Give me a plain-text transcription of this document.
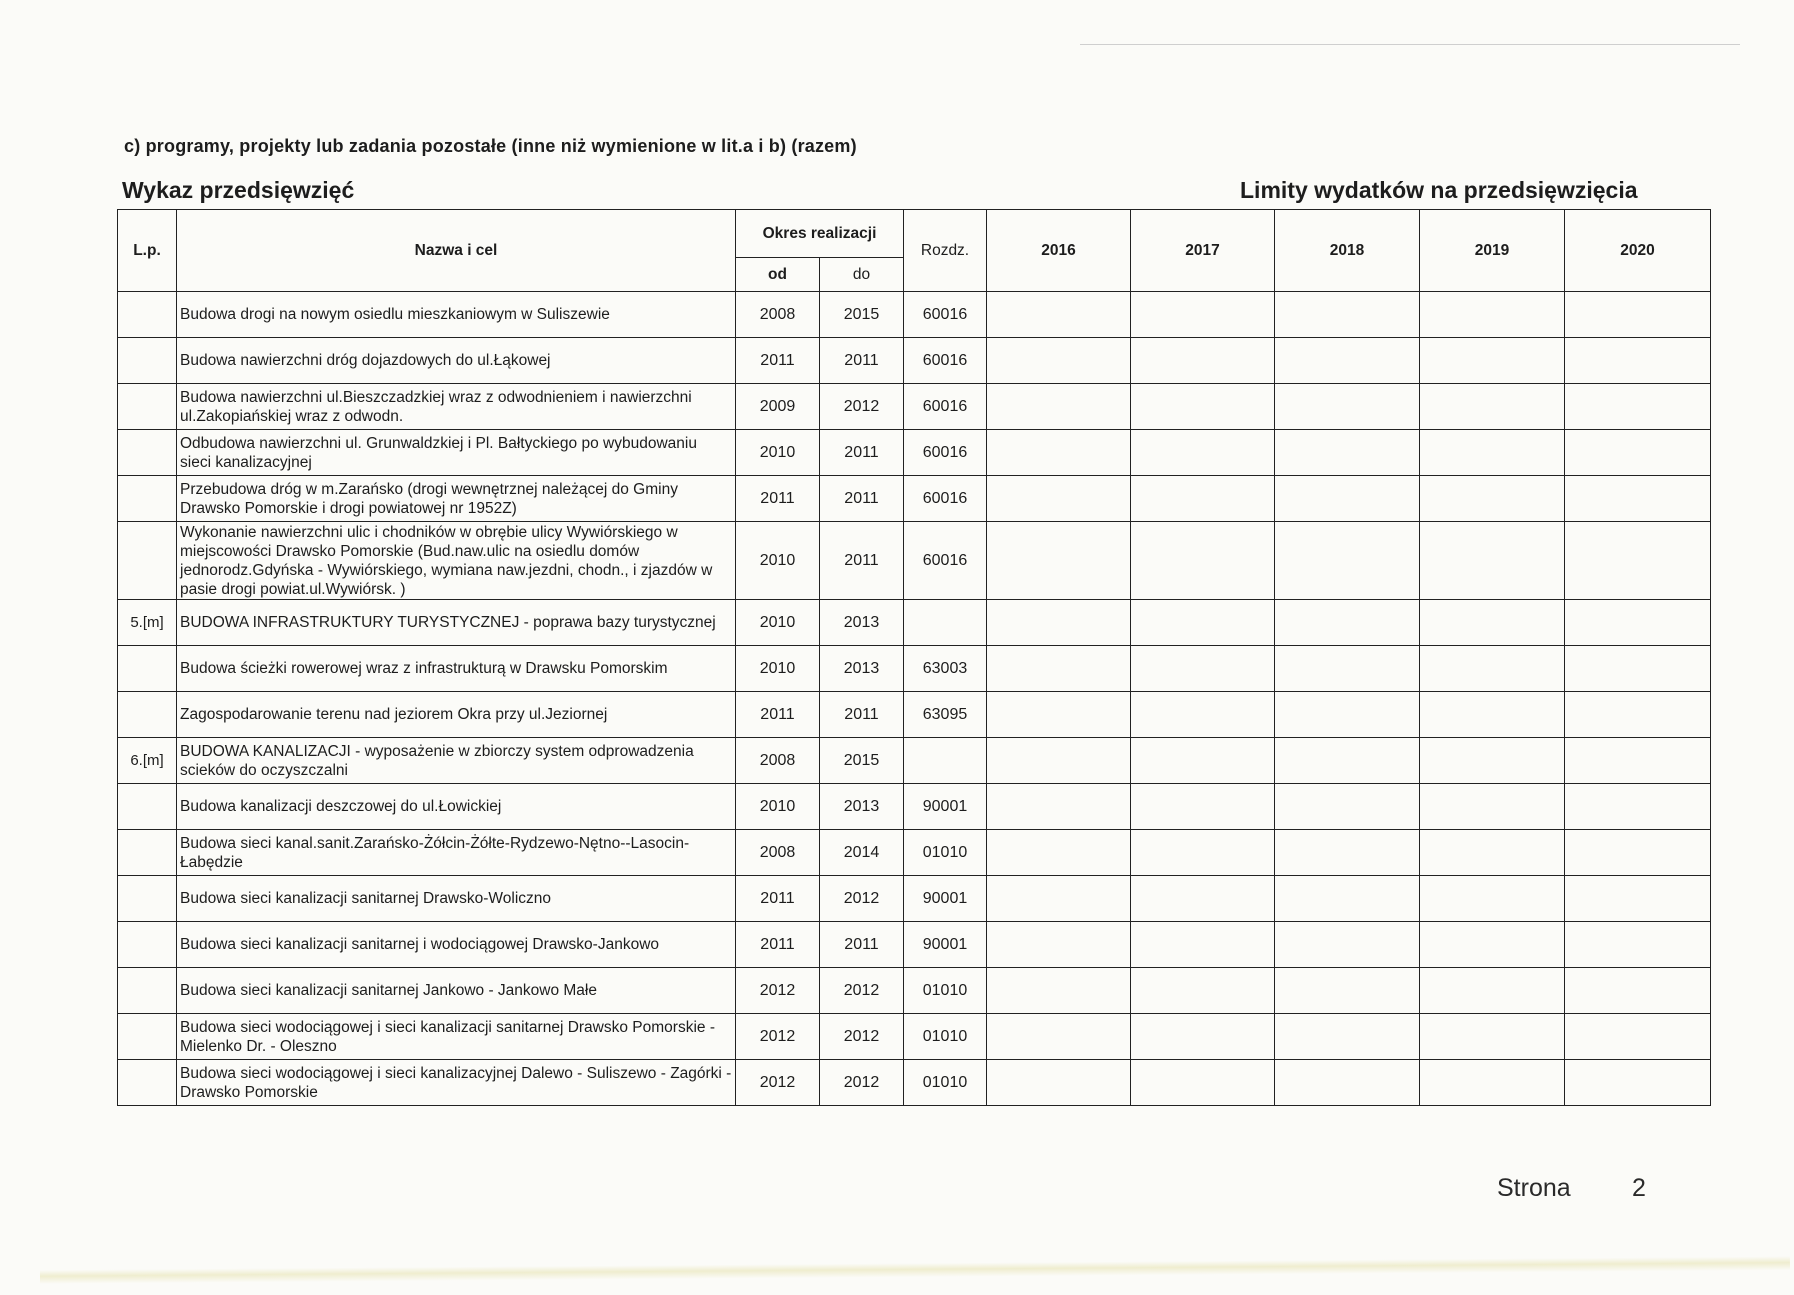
c) programy, projekty lub zadania pozostałe (inne niż wymienione w lit.a i b) (razem)
Wykaz przedsięwzięć	Limity wydatków na przedsięwzięcia
L.p.	Nazwa i cel	Okres realizacji		Rozdz.	2016	2017	2018	2019	2020
		od	do						
	Budowa drogi na nowym osiedlu mieszkaniowym w Suliszewie	2008	2015	60016					
	Budowa nawierzchni dróg dojazdowych do ul.Łąkowej	2011	2011	60016					
	Budowa nawierzchni ul.Bieszczadzkiej wraz z odwodnieniem i nawierzchni ul.Zakopiańskiej wraz z odwodn.	2009	2012	60016					
	Odbudowa nawierzchni ul. Grunwaldzkiej i Pl. Bałtyckiego po wybudowaniu sieci kanalizacyjnej	2010	2011	60016					
	Przebudowa dróg w m.Zarańsko (drogi wewnętrznej należącej do Gminy Drawsko Pomorskie i drogi powiatowej nr 1952Z)	2011	2011	60016					
	Wykonanie nawierzchni ulic i chodników w obrębie ulicy Wywiórskiego w miejscowości Drawsko Pomorskie (Bud.naw.ulic na osiedlu domów jednorodz.Gdyńska - Wywiórskiego, wymiana naw.jezdni, chodn., i zjazdów w pasie drogi powiat.ul.Wywiórsk. )	2010	2011	60016					
5.[m]	BUDOWA INFRASTRUKTURY TURYSTYCZNEJ - poprawa bazy turystycznej	2010	2013						
	Budowa ścieżki rowerowej wraz z infrastrukturą w Drawsku Pomorskim	2010	2013	63003					
	Zagospodarowanie terenu nad jeziorem Okra przy ul.Jeziornej	2011	2011	63095					
6.[m]	BUDOWA KANALIZACJI - wyposażenie w zbiorczy system odprowadzenia scieków do oczyszczalni	2008	2015						
	Budowa kanalizacji deszczowej do ul.Łowickiej	2010	2013	90001					
	Budowa sieci kanal.sanit.Zarańsko-Żółcin-Żółte-Rydzewo-Nętno--Lasocin-Łabędzie	2008	2014	01010					
	Budowa sieci kanalizacji sanitarnej Drawsko-Woliczno	2011	2012	90001					
	Budowa sieci kanalizacji sanitarnej i wodociągowej Drawsko-Jankowo	2011	2011	90001					
	Budowa sieci kanalizacji sanitarnej Jankowo - Jankowo Małe	2012	2012	01010					
	Budowa sieci wodociągowej i sieci kanalizacji sanitarnej Drawsko Pomorskie - Mielenko Dr. - Oleszno	2012	2012	01010					
	Budowa sieci wodociągowej i sieci kanalizacyjnej Dalewo - Suliszewo - Zagórki - Drawsko Pomorskie	2012	2012	01010					
Strona 2
